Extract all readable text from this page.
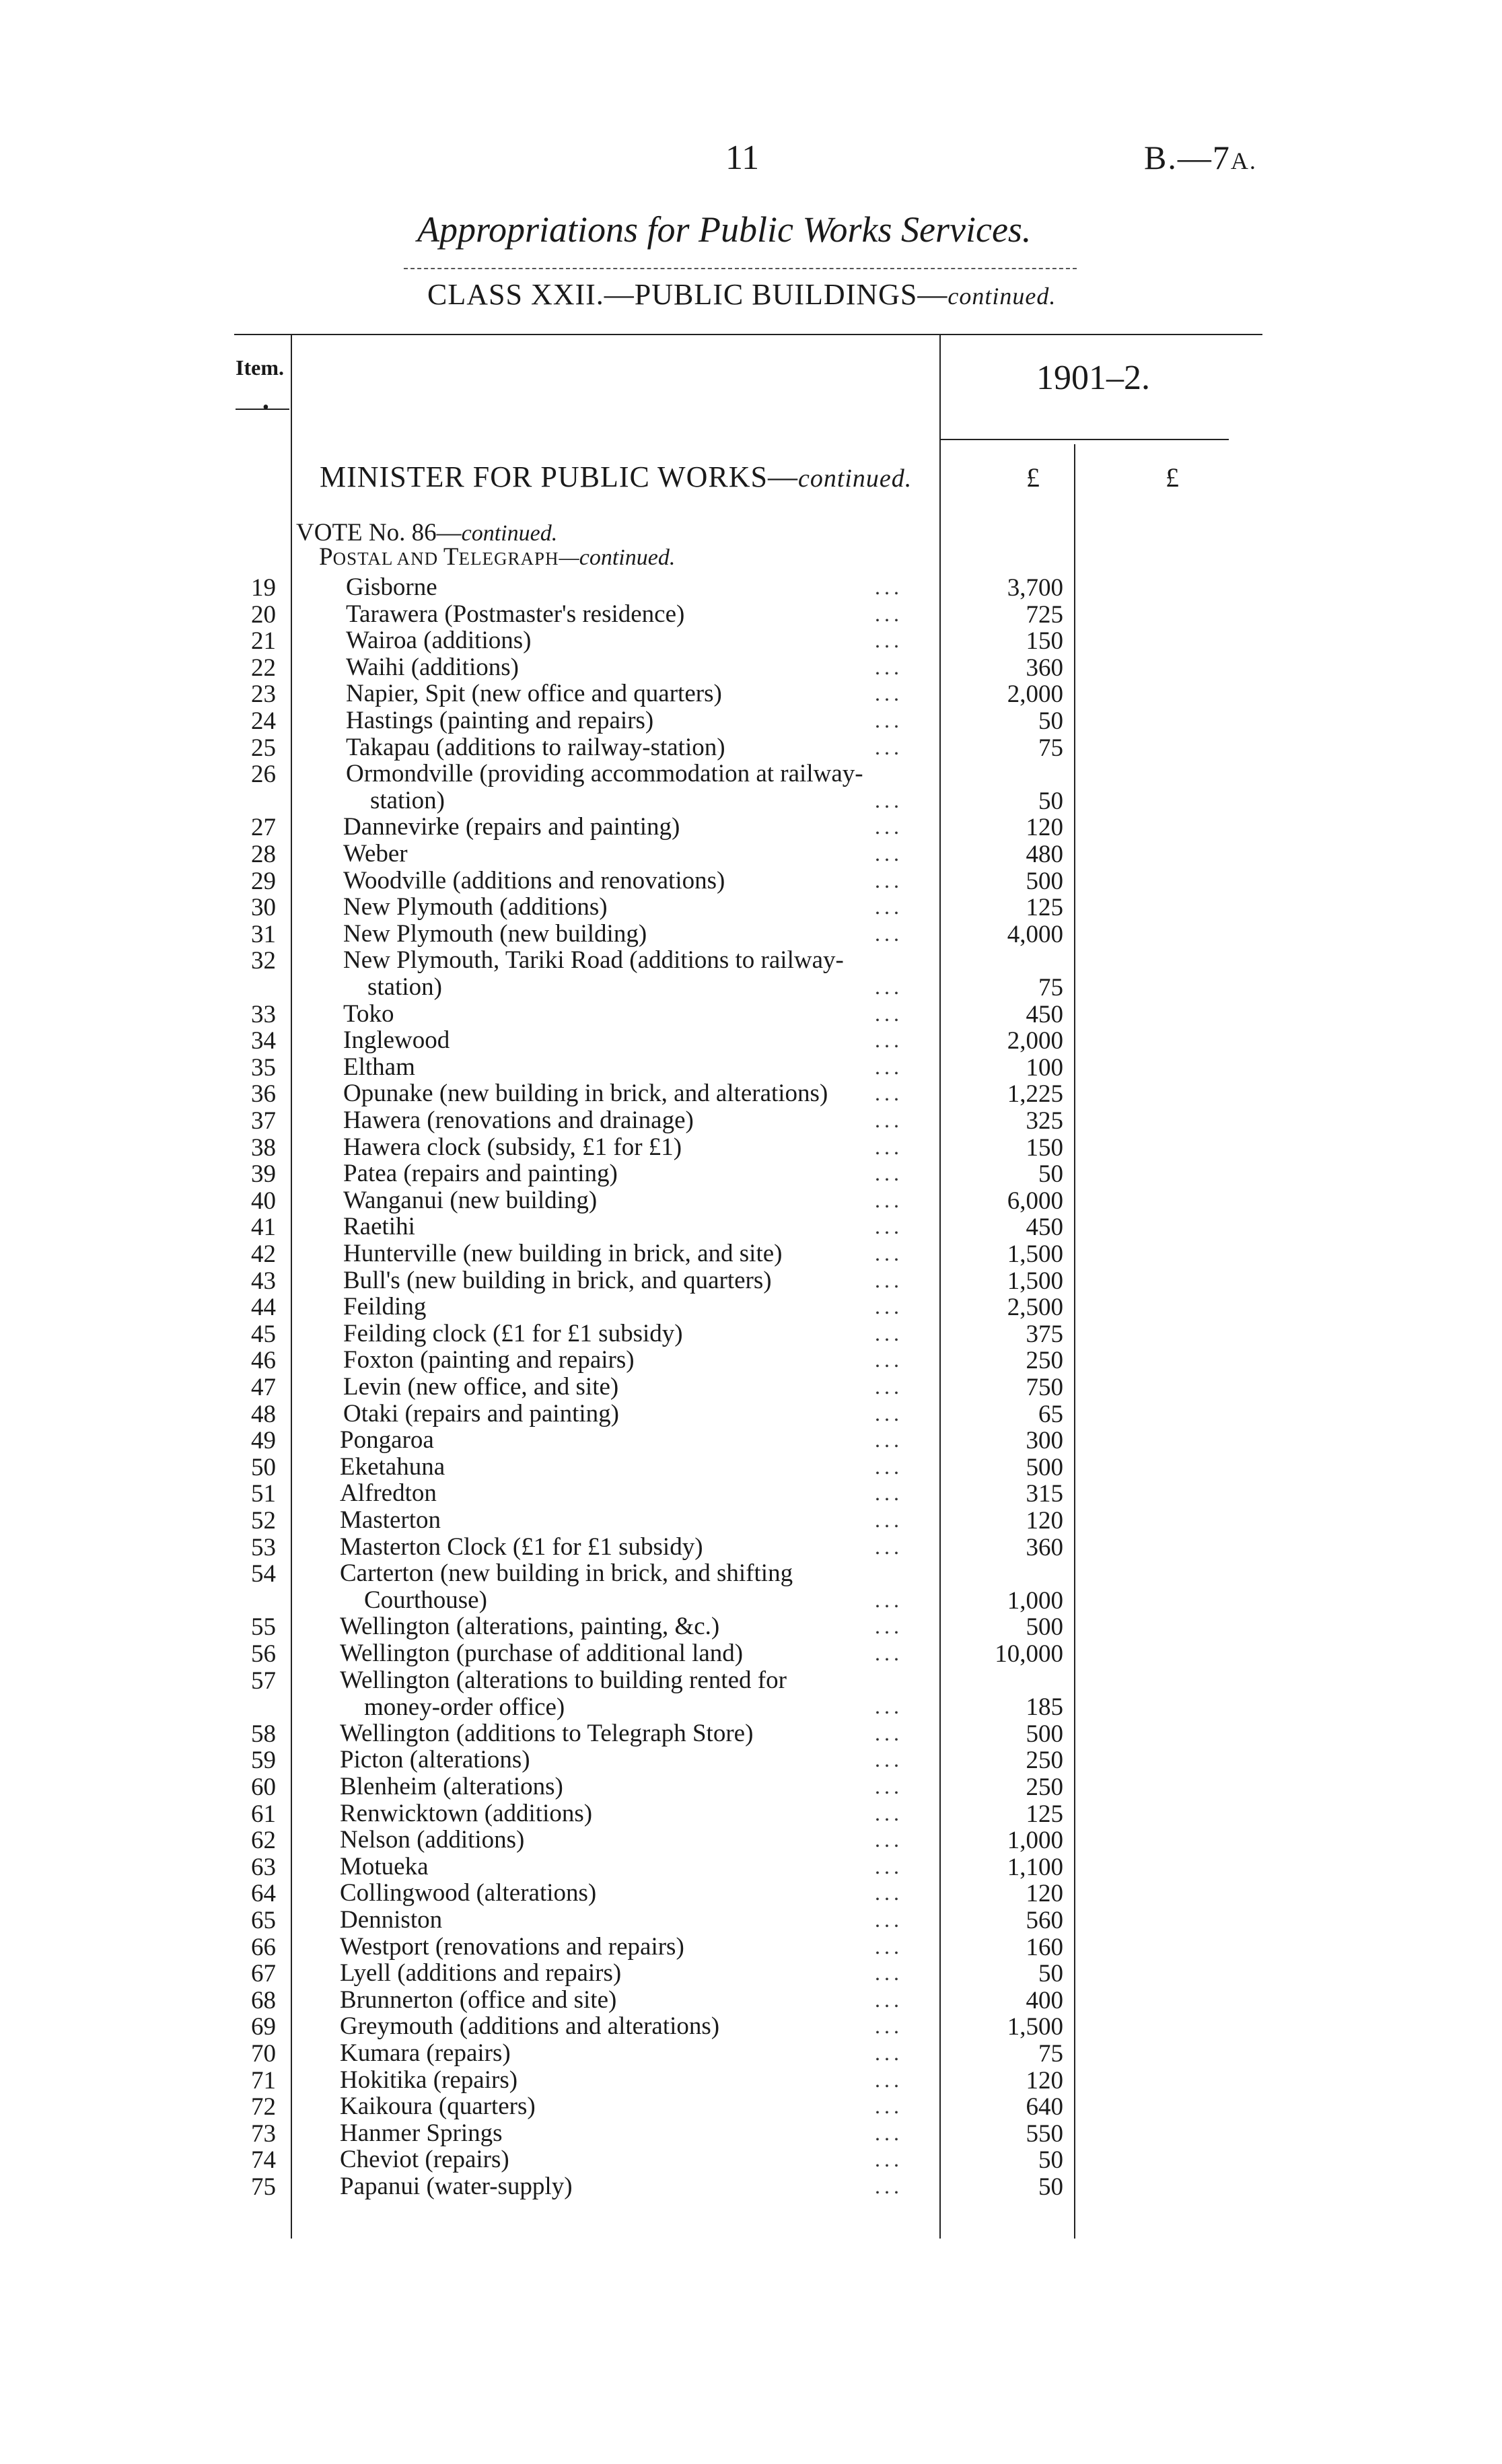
11	B.—7A.
Appropriations for Public Works Services.
CLASS XXII.—PUBLIC BUILDINGS—continued.
Item.
•
1901–2.
MINISTER FOR PUBLIC WORKS—continued.	£	£
VOTE No. 86—continued.
POSTAL AND TELEGRAPH—continued.
19	Gisborne	3,700
...
20	Tarawera (Postmaster's residence)	725
...
21	Wairoa (additions)	150
...
22	Waihi (additions)	360
...
23	Napier, Spit (new office and quarters)	2,000
...
24	Hastings (painting and repairs)	50
...
25	Takapau (additions to railway-station)	75
...
26	Ormondville (providing accommodation at railway-
station)	50
...
27	Dannevirke (repairs and painting)	120
...
28	Weber	480
...
29	Woodville (additions and renovations)	500
...
30	New Plymouth (additions)	125
...
31	New Plymouth (new building)	4,000
...
32	New Plymouth, Tariki Road (additions to railway-
station)	75
...
33	Toko	450
...
34	Inglewood	2,000
...
35	Eltham	100
...
36	Opunake (new building in brick, and alterations)	1,225
...
37	Hawera (renovations and drainage)	325
...
38	Hawera clock (subsidy, £1 for £1)	150
...
39	Patea (repairs and painting)	50
...
40	Wanganui (new building)	6,000
...
41	Raetihi	450
...
42	Hunterville (new building in brick, and site)	1,500
...
43	Bull's (new building in brick, and quarters)	1,500
...
44	Feilding	2,500
...
45	Feilding clock (£1 for £1 subsidy)	375
...
46	Foxton (painting and repairs)	250
...
47	Levin (new office, and site)	750
...
48	Otaki (repairs and painting)	65
...
49	Pongaroa	300
...
50	Eketahuna	500
...
51	Alfredton	315
...
52	Masterton	120
...
53	Masterton Clock (£1 for £1 subsidy)	360
...
54	Carterton (new building in brick, and shifting
Courthouse)	1,000
...
55	Wellington (alterations, painting, &c.)	500
...
56	Wellington (purchase of additional land)	10,000
...
57	Wellington (alterations to building rented for
money-order office)	185
...
58	Wellington (additions to Telegraph Store)	500
...
59	Picton (alterations)	250
...
60	Blenheim (alterations)	250
...
61	Renwicktown (additions)	125
...
62	Nelson (additions)	1,000
...
63	Motueka	1,100
...
64	Collingwood (alterations)	120
...
65	Denniston	560
...
66	Westport (renovations and repairs)	160
...
67	Lyell (additions and repairs)	50
...
68	Brunnerton (office and site)	400
...
69	Greymouth (additions and alterations)	1,500
...
70	Kumara (repairs)	75
...
71	Hokitika (repairs)	120
...
72	Kaikoura (quarters)	640
...
73	Hanmer Springs	550
...
74	Cheviot (repairs)	50
...
75	Papanui (water-supply)	50
...
